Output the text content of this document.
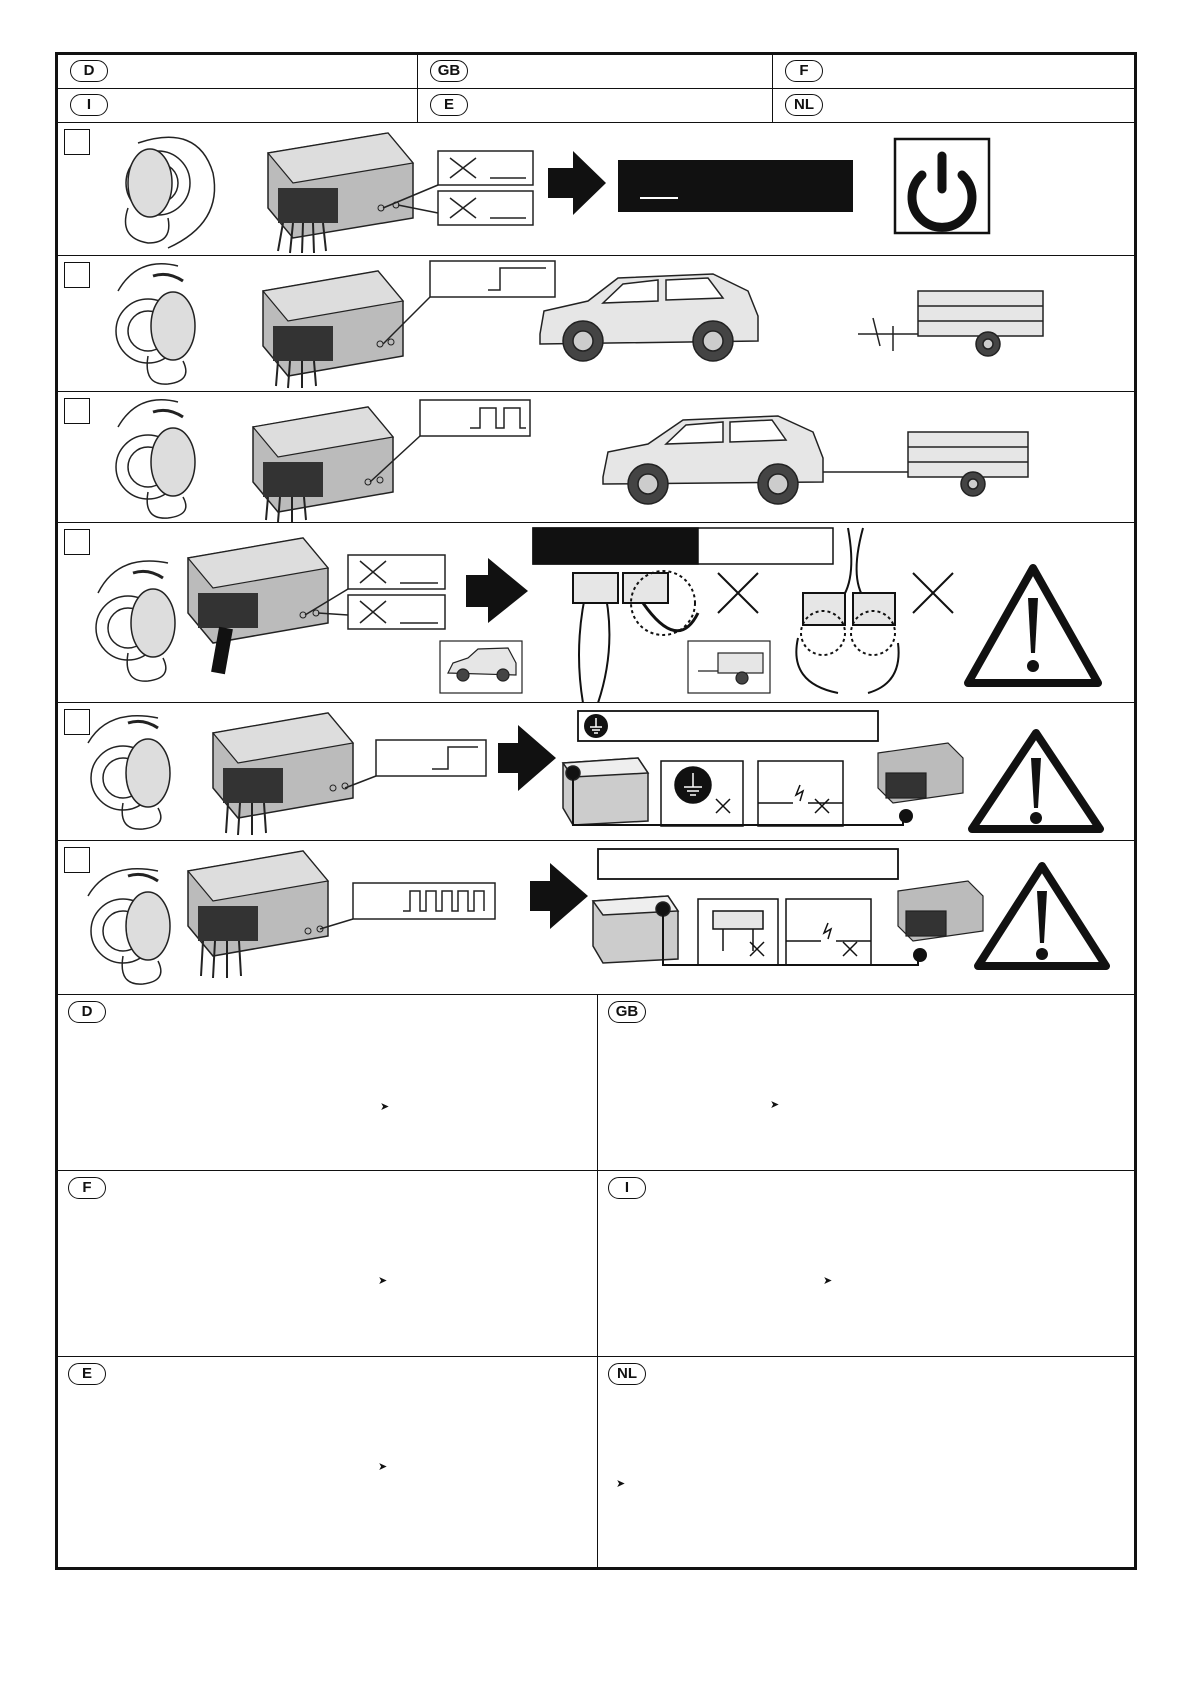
D	GB	F
I	E	NL
D
➤
GB
➤
F
➤
I
➤
E
➤
NL
➤
